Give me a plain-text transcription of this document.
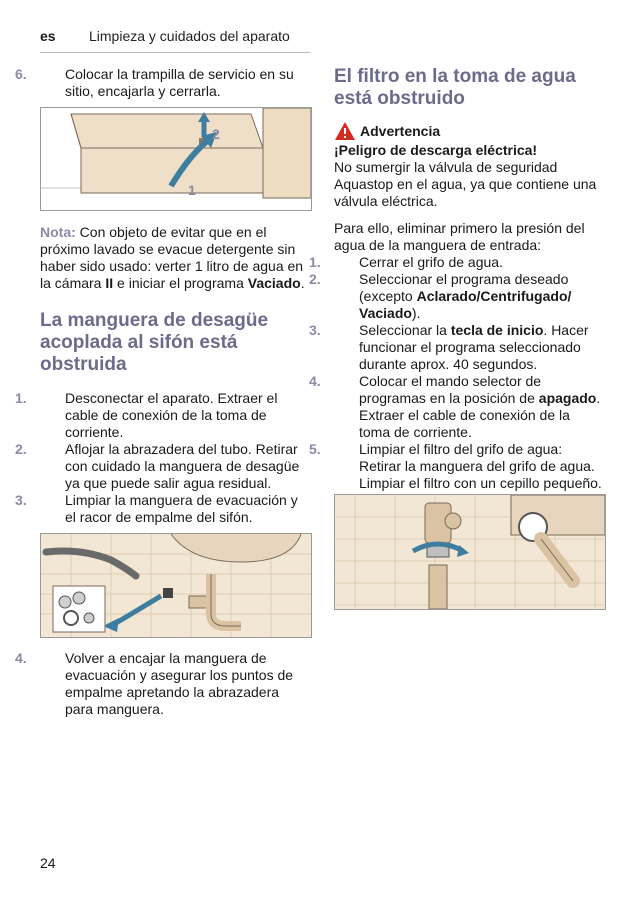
es Limpieza y cuidados del aparato
6.	Colocar la trampilla de servicio en su sitio, encajarla y cerrarla.
2
1
Nota: Con objeto de evitar que en el próximo lavado se evacue detergente sin haber sido usado: verter 1 litro de agua en la cámara II e iniciar el programa Vaciado.
La manguera de desagüe acoplada al sifón está obstruida
1.	Desconectar el aparato. Extraer el cable de conexión de la toma de corriente.
2.	Aflojar la abrazadera del tubo. Retirar con cuidado la manguera de desagüe ya que puede salir agua residual.
3.	Limpiar la manguera de evacuación y el racor de empalme del sifón.
4.	Volver a encajar la manguera de evacuación y asegurar los puntos de empalme apretando la abrazadera para manguera.
El filtro en la toma de agua está obstruido
Advertencia
¡Peligro de descarga eléctrica!
No sumergir la válvula de seguridad Aquastop en el agua, ya que contiene una válvula eléctrica.
Para ello, eliminar primero la presión del agua de la manguera de entrada:
1.	Cerrar el grifo de agua.
2.	Seleccionar el programa deseado (excepto Aclarado/Centrifugado/ Vaciado).
3.	Seleccionar la tecla de inicio. Hacer funcionar el programa seleccionado durante aprox. 40 segundos.
4.	Colocar el mando selector de programas en la posición de apagado. Extraer el cable de conexión de la toma de corriente.
5.	Limpiar el filtro del grifo de agua: Retirar la manguera del grifo de agua.
Limpiar el filtro con un cepillo pequeño.
24
